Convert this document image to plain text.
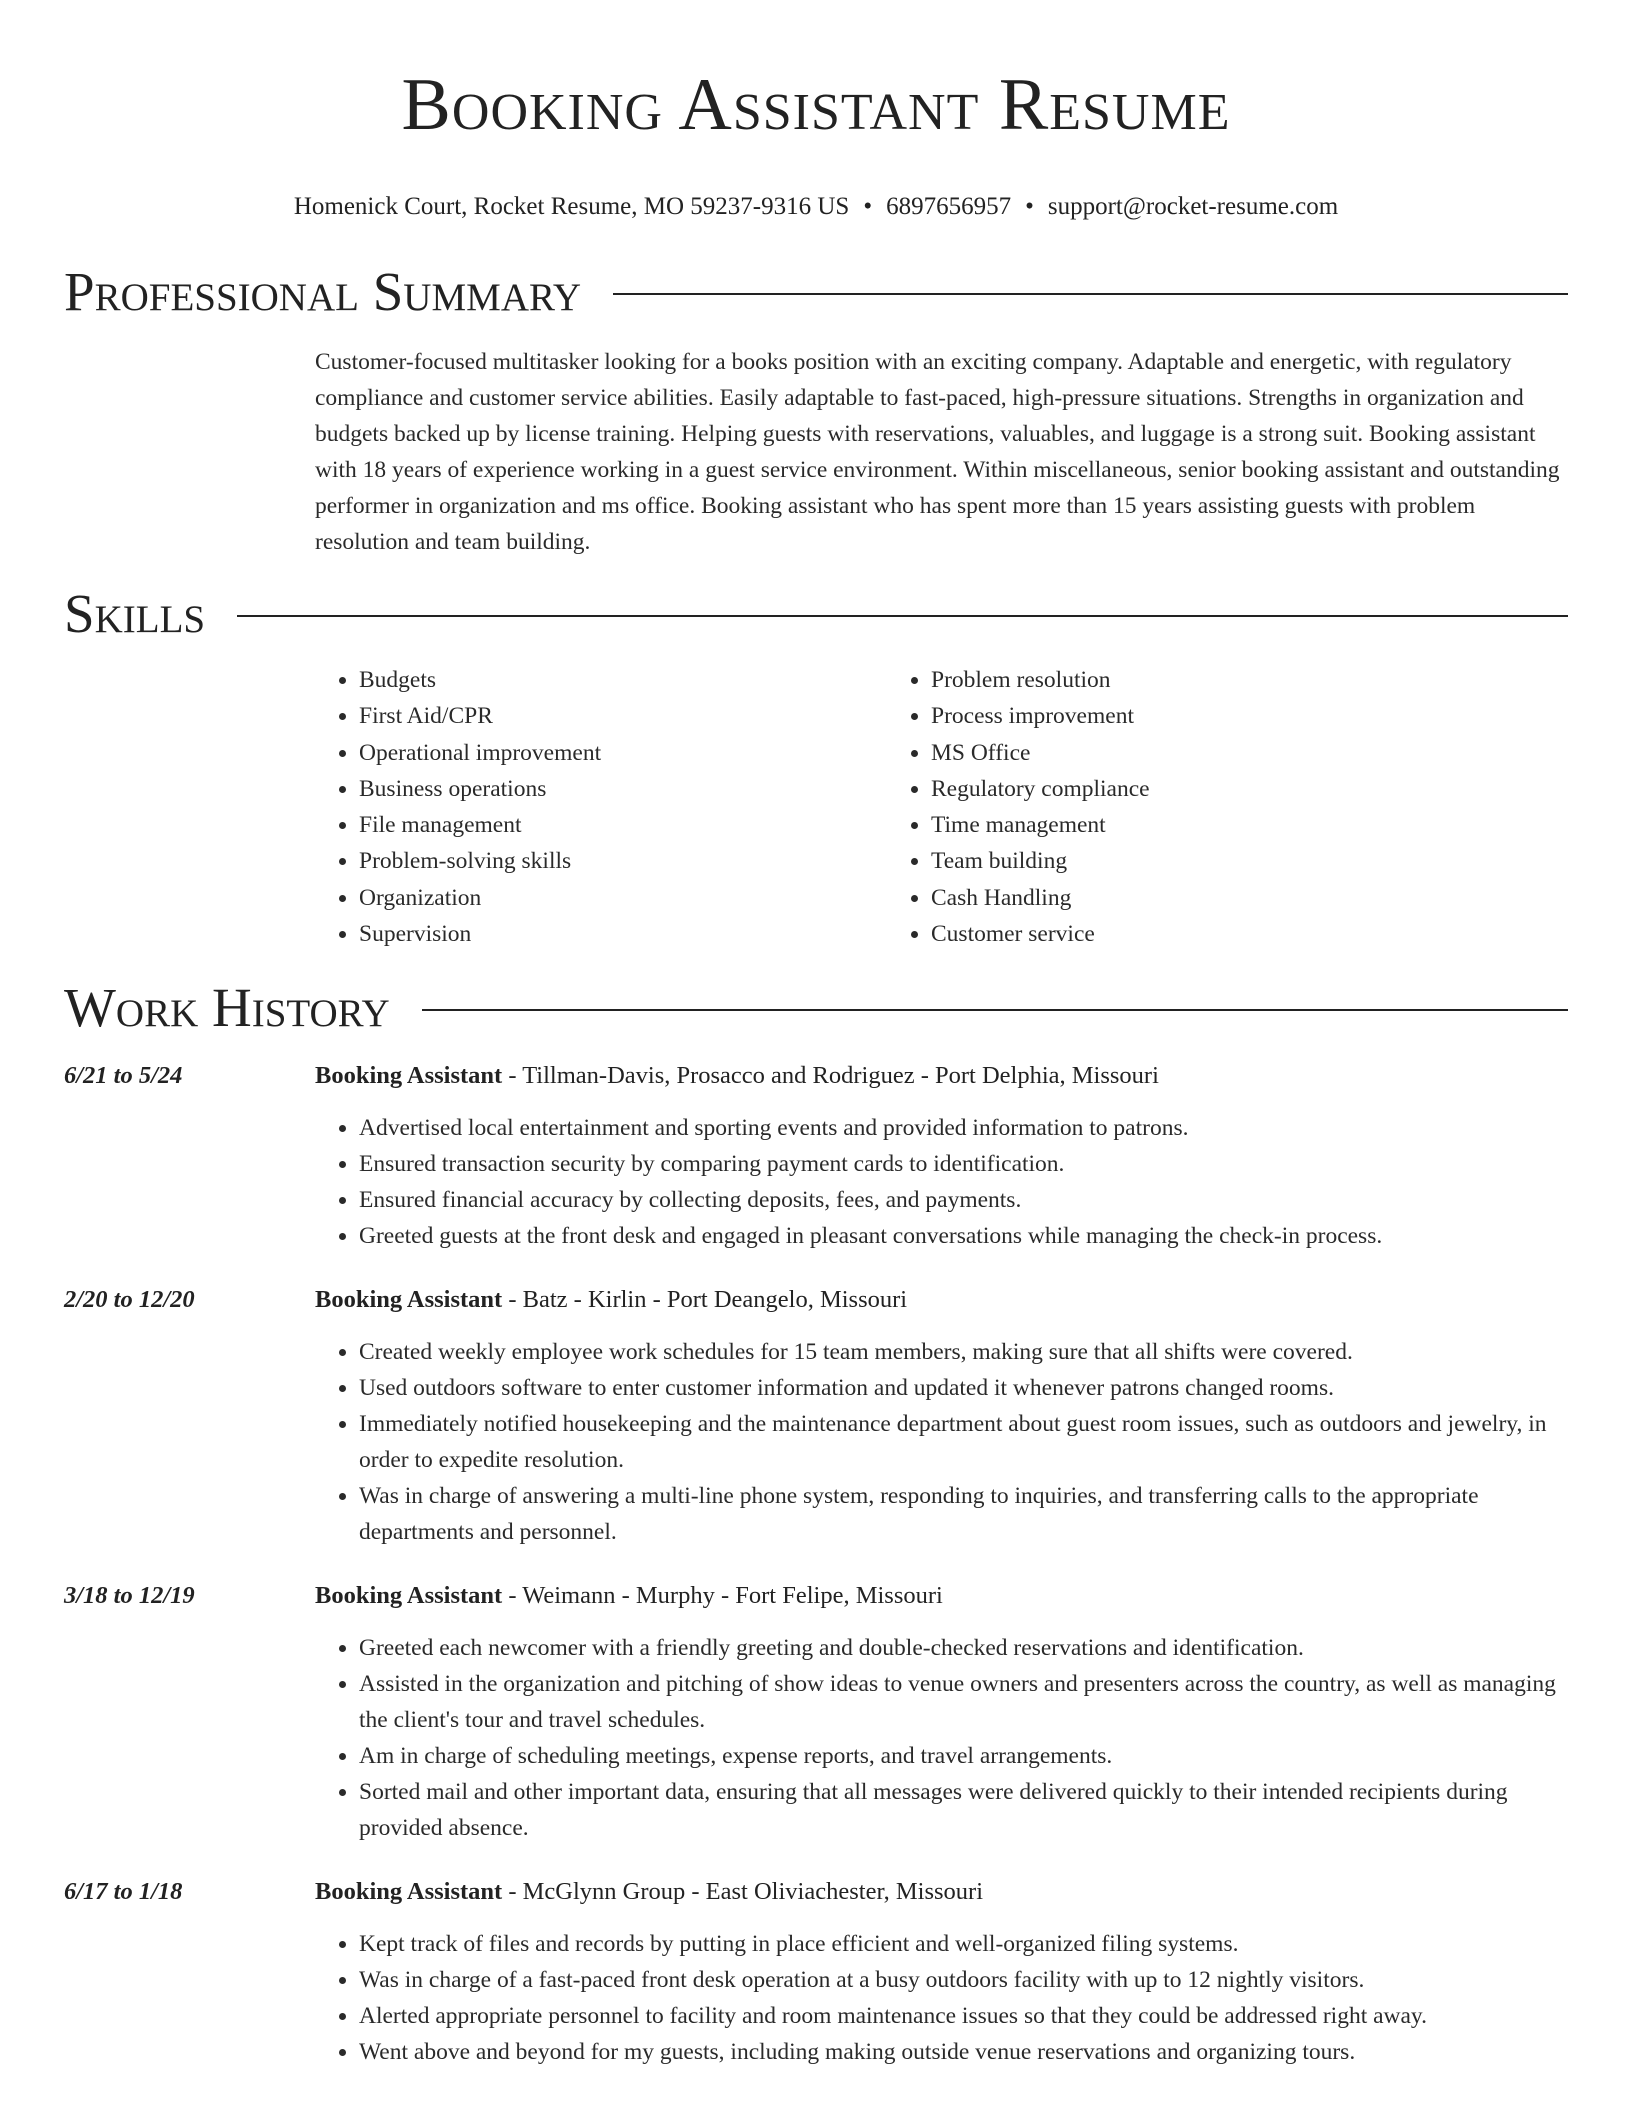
Booking Assistant Resume
Homenick Court, Rocket Resume, MO 59237-9316 US • 6897656957 • support@rocket-resume.com
Professional Summary
Customer-focused multitasker looking for a books position with an exciting company. Adaptable and energetic, with regulatory compliance and customer service abilities. Easily adaptable to fast-paced, high-pressure situations. Strengths in organization and budgets backed up by license training. Helping guests with reservations, valuables, and luggage is a strong suit. Booking assistant with 18 years of experience working in a guest service environment. Within miscellaneous, senior booking assistant and outstanding performer in organization and ms office. Booking assistant who has spent more than 15 years assisting guests with problem resolution and team building.
Skills
• Budgets
• First Aid/CPR
• Operational improvement
• Business operations
• File management
• Problem-solving skills
• Organization
• Supervision
• Problem resolution
• Process improvement
• MS Office
• Regulatory compliance
• Time management
• Team building
• Cash Handling
• Customer service
Work History
6/21 to 5/24	Booking Assistant - Tillman-Davis, Prosacco and Rodriguez - Port Delphia, Missouri
• Advertised local entertainment and sporting events and provided information to patrons.
• Ensured transaction security by comparing payment cards to identification.
• Ensured financial accuracy by collecting deposits, fees, and payments.
• Greeted guests at the front desk and engaged in pleasant conversations while managing the check-in process.
2/20 to 12/20	Booking Assistant - Batz - Kirlin - Port Deangelo, Missouri
• Created weekly employee work schedules for 15 team members, making sure that all shifts were covered.
• Used outdoors software to enter customer information and updated it whenever patrons changed rooms.
• Immediately notified housekeeping and the maintenance department about guest room issues, such as outdoors and jewelry, in order to expedite resolution.
• Was in charge of answering a multi-line phone system, responding to inquiries, and transferring calls to the appropriate departments and personnel.
3/18 to 12/19	Booking Assistant - Weimann - Murphy - Fort Felipe, Missouri
• Greeted each newcomer with a friendly greeting and double-checked reservations and identification.
• Assisted in the organization and pitching of show ideas to venue owners and presenters across the country, as well as managing the client's tour and travel schedules.
• Am in charge of scheduling meetings, expense reports, and travel arrangements.
• Sorted mail and other important data, ensuring that all messages were delivered quickly to their intended recipients during provided absence.
6/17 to 1/18	Booking Assistant - McGlynn Group - East Oliviachester, Missouri
• Kept track of files and records by putting in place efficient and well-organized filing systems.
• Was in charge of a fast-paced front desk operation at a busy outdoors facility with up to 12 nightly visitors.
• Alerted appropriate personnel to facility and room maintenance issues so that they could be addressed right away.
• Went above and beyond for my guests, including making outside venue reservations and organizing tours.
